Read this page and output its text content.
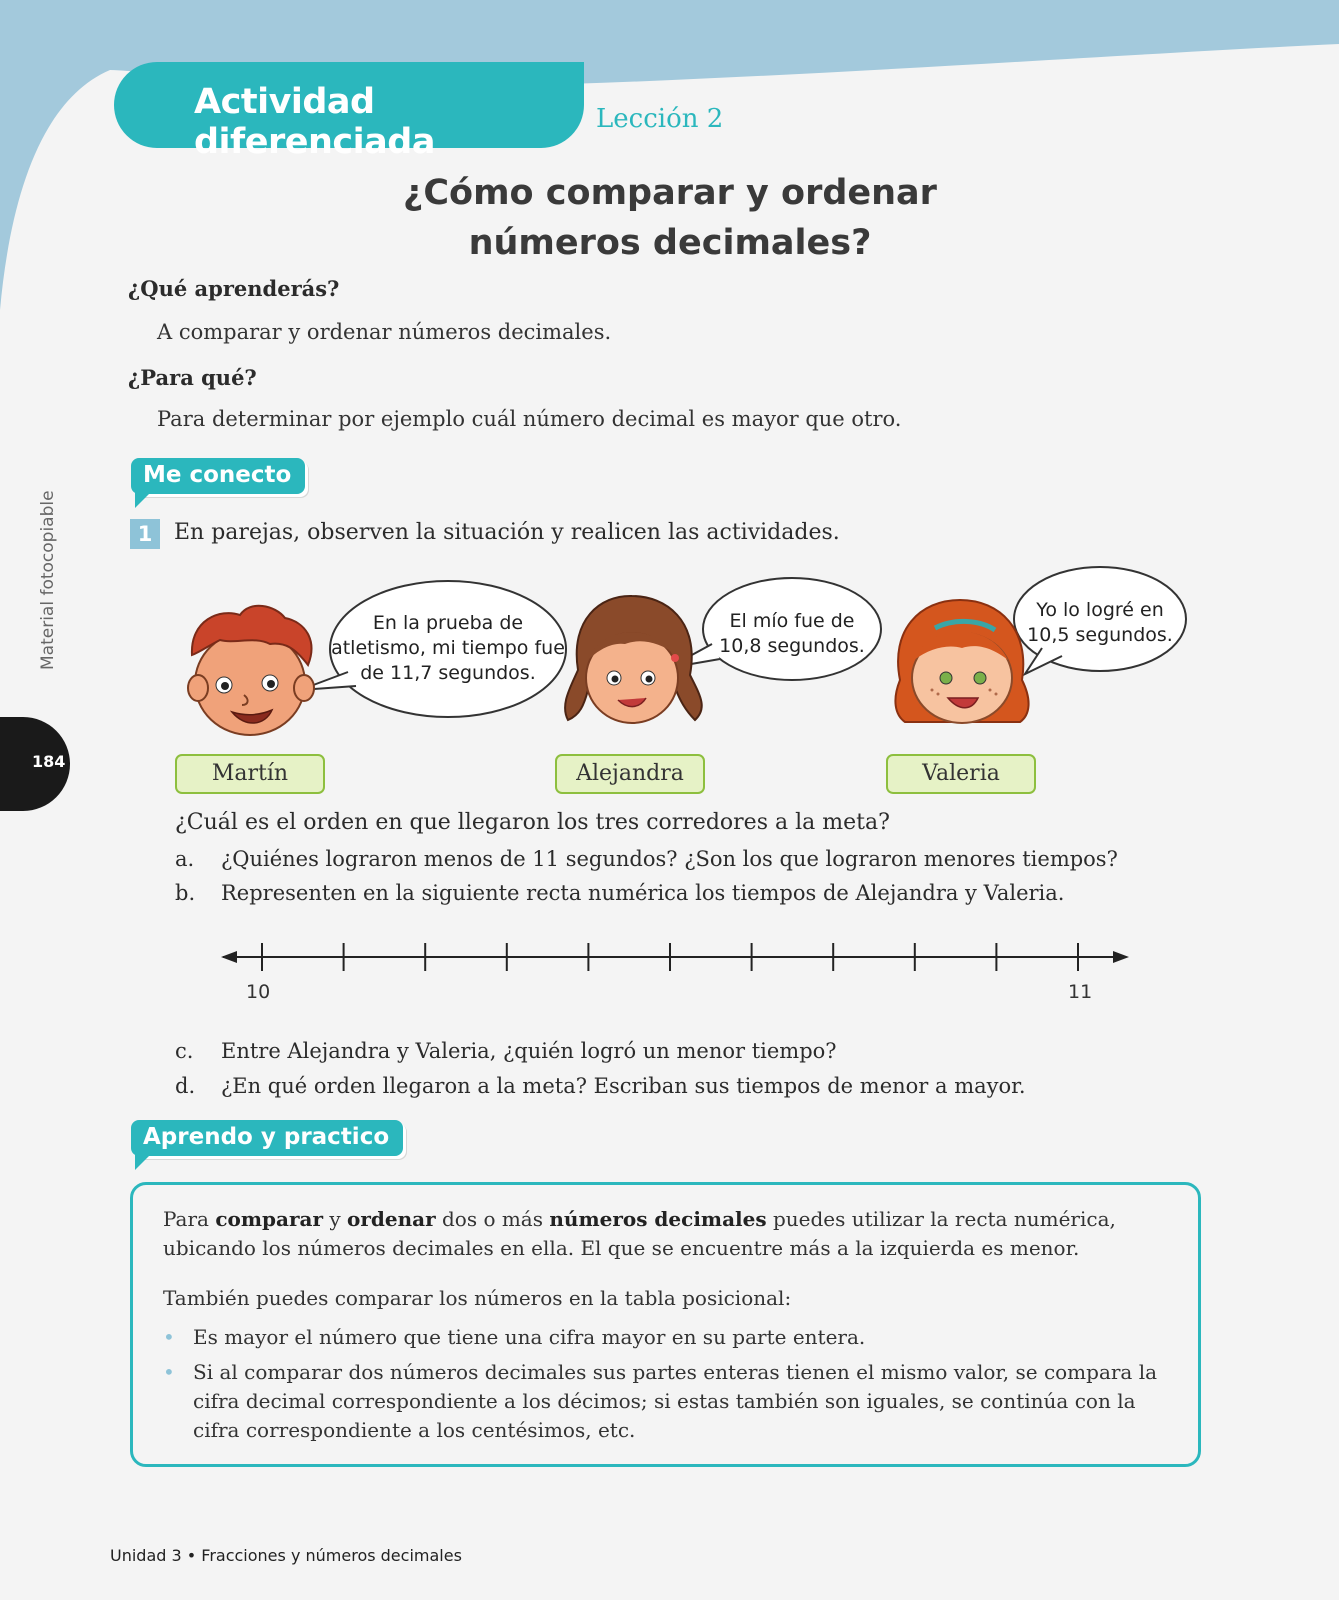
Actividad diferenciada
Lección 2
¿Cómo comparar y ordenar
números decimales?
¿Qué aprenderás?
A comparar y ordenar números decimales.
¿Para qué?
Para determinar por ejemplo cuál número decimal es mayor que otro.
Material fotocopiable
184
Me conecto
1 En parejas, observen la situación y realicen las actividades.
En la prueba de
atletismo, mi tiempo fue
de 11,7 segundos.
El mío fue de
10,8 segundos.
Yo lo logré en
10,5 segundos.
Martín	Alejandra	Valeria
¿Cuál es el orden en que llegaron los tres corredores a la meta?
a. ¿Quiénes lograron menos de 11 segundos? ¿Son los que lograron menores tiempos?
b. Representen en la siguiente recta numérica los tiempos de Alejandra y Valeria.
10	11
c. Entre Alejandra y Valeria, ¿quién logró un menor tiempo?
d. ¿En qué orden llegaron a la meta? Escriban sus tiempos de menor a mayor.
Aprendo y practico
Para comparar y ordenar dos o más números decimales puedes utilizar la recta numérica, ubicando los números decimales en ella. El que se encuentre más a la izquierda es menor.
También puedes comparar los números en la tabla posicional:
• Es mayor el número que tiene una cifra mayor en su parte entera.
• Si al comparar dos números decimales sus partes enteras tienen el mismo valor, se compara la cifra decimal correspondiente a los décimos; si estas también son iguales, se continúa con la cifra correspondiente a los centésimos, etc.
Unidad 3 • Fracciones y números decimales
